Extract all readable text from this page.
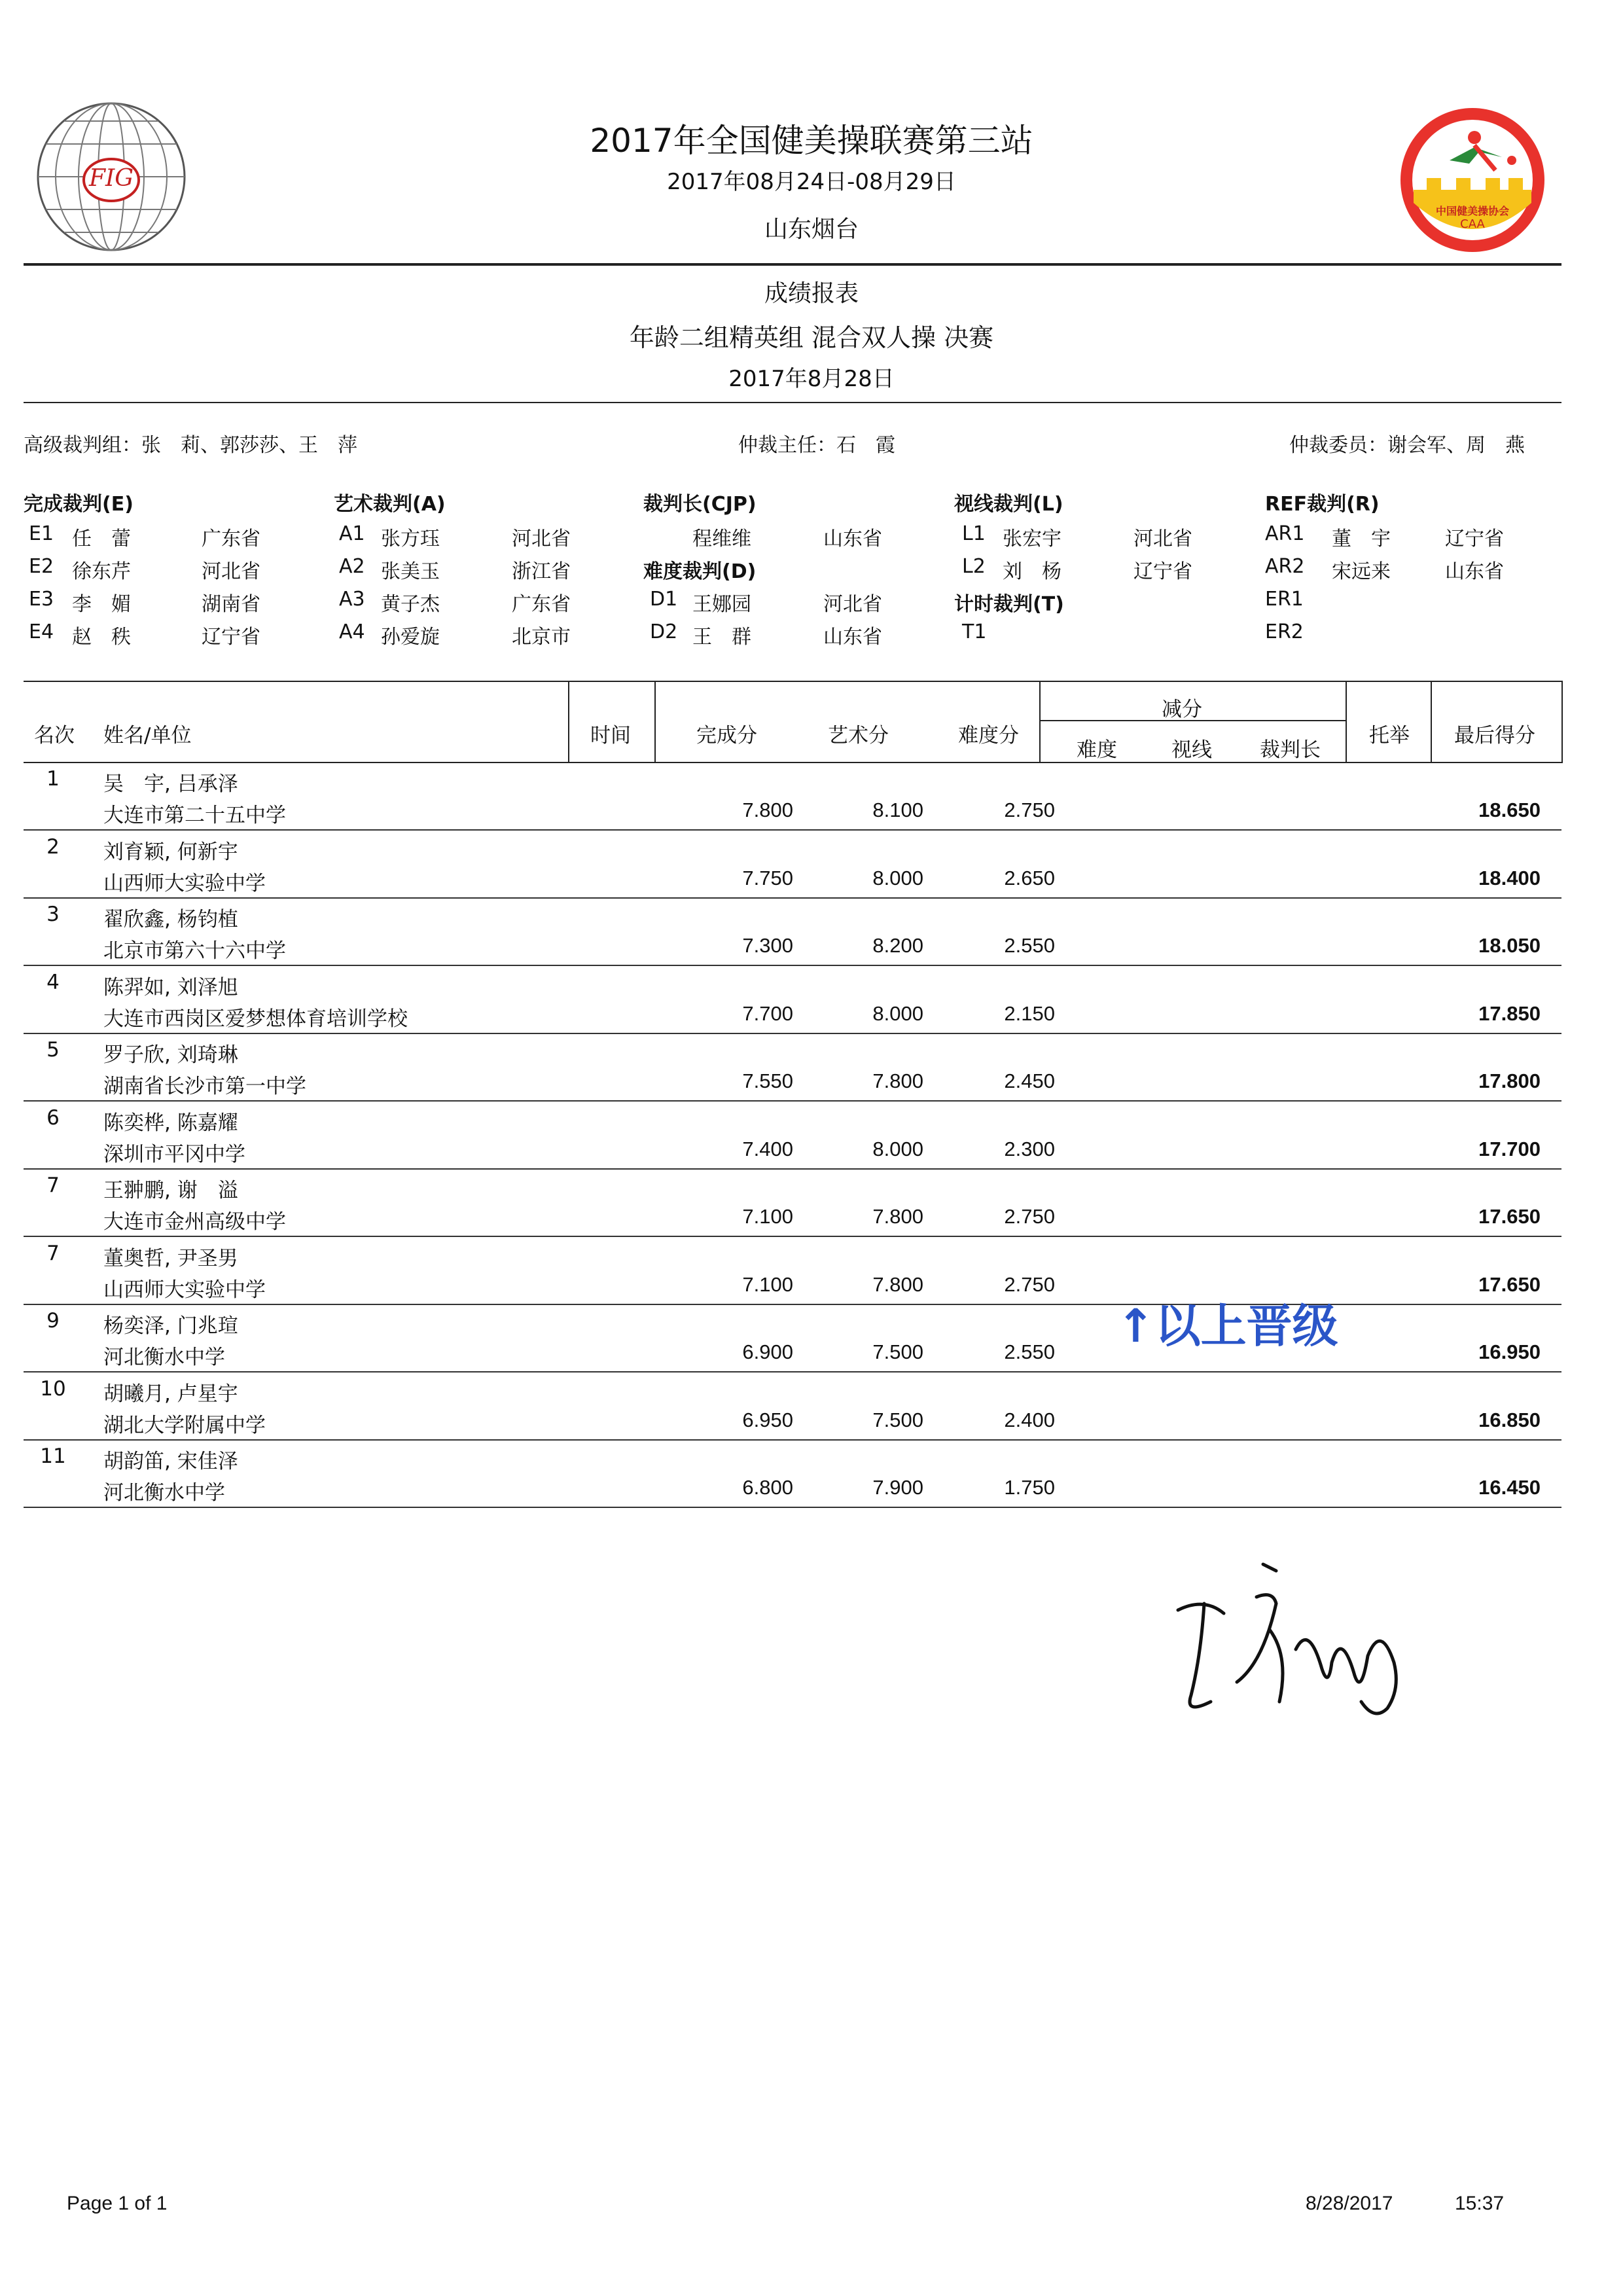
FIG
中国健美操协会
CAA
2017年全国健美操联赛第三站
2017年08月24日-08月29日
山东烟台
成绩报表
年龄二组精英组 混合双人操 决赛
2017年8月28日
高级裁判组：张　莉、郭莎莎、王　萍	仲裁主任：石　霞	仲裁委员：谢会军、周　燕
完成裁判(E)
E1 任　蕾	广东省
E2 徐东芹	河北省
E3 李　媚	湖南省
E4 赵　秩	辽宁省
艺术裁判(A)
A1 张方珏	河北省
A2 张美玉	浙江省
A3 黄子杰	广东省
A4 孙爱旋	北京市
裁判长(CJP)
程维维	山东省
难度裁判(D)
D1 王娜园	河北省
D2 王　群	山东省
视线裁判(L)
L1 张宏宇	河北省
L2 刘　杨	辽宁省
计时裁判(T)
T1
REF裁判(R)
AR1 董　宇	辽宁省
AR2 宋远来	山东省
ER1
ER2
名次 姓名/单位	时间	完成分	艺术分	难度分
减分
难度	视线 裁判长
托举 最后得分
1	吴　宇, 吕承泽
大连市第二十五中学	7.800	8.100	2.750	18.650
2	刘育颖, 何新宇
山西师大实验中学	7.750	8.000	2.650	18.400
3	翟欣鑫, 杨钧植
北京市第六十六中学	7.300	8.200	2.550	18.050
4	陈羿如, 刘泽旭
大连市西岗区爱梦想体育培训学校	7.700	8.000	2.150	17.850
5	罗子欣, 刘琦琳
湖南省长沙市第一中学	7.550	7.800	2.450	17.800
6	陈奕桦, 陈嘉耀
深圳市平冈中学	7.400	8.000	2.300	17.700
7	王翀鹏, 谢　溢
大连市金州高级中学	7.100	7.800	2.750	17.650
7	董奥哲, 尹圣男
山西师大实验中学	7.100	7.800	2.750	17.650
9	杨奕泽, 门兆瑄
河北衡水中学	6.900	7.500	2.550	16.950
10 胡曦月, 卢星宇
湖北大学附属中学	6.950	7.500	2.400	16.850
11 胡韵笛, 宋佳泽
河北衡水中学	6.800	7.900	1.750	16.450
↑以上晋级
Page 1 of 1	8/28/2017	15:37
